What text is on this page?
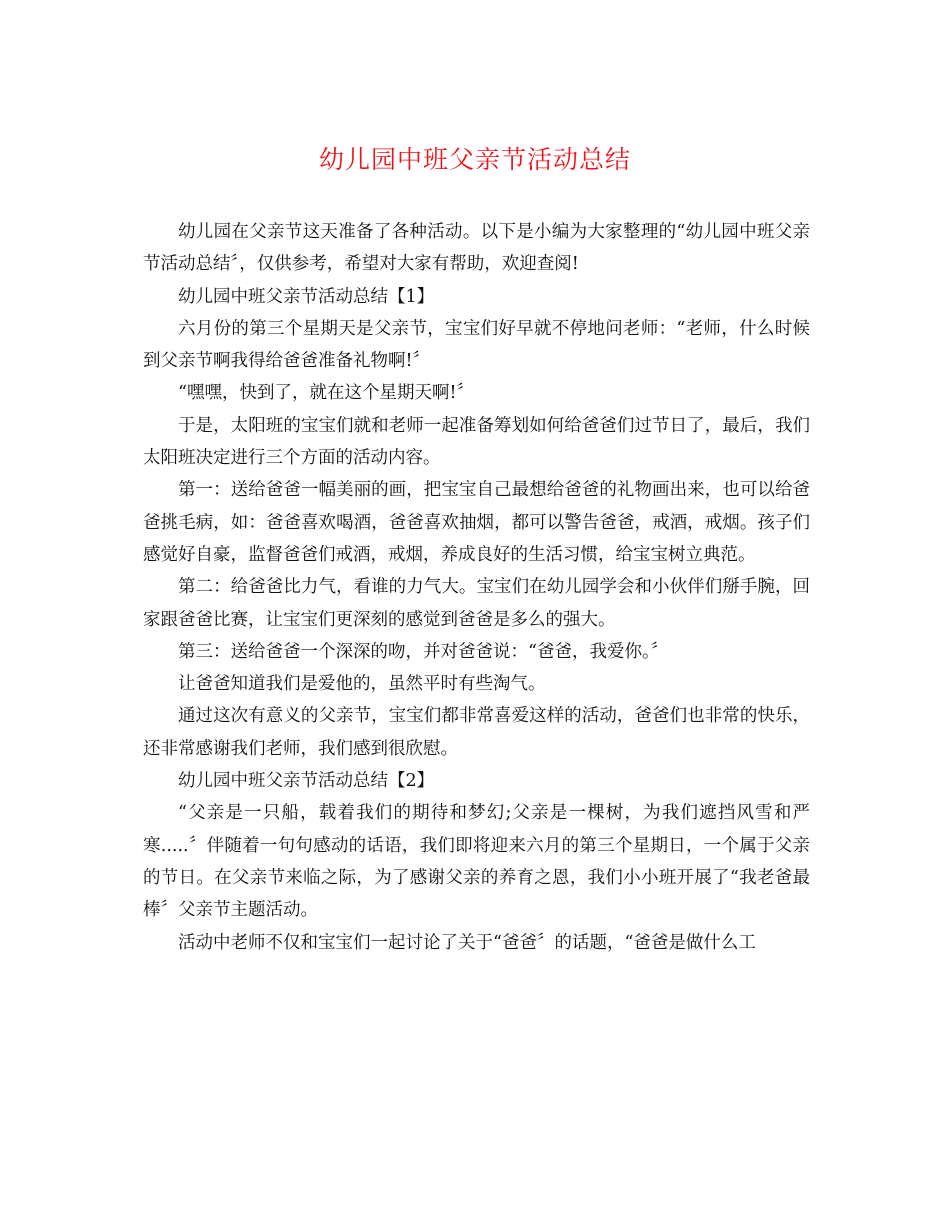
幼儿园中班父亲节活动总结

幼儿园在父亲节这天准备了各种活动。以下是小编为大家整理的“幼儿园中班父亲节活动总结〞，仅供参考，希望对大家有帮助，欢迎查阅!

幼儿园中班父亲节活动总结【1】

六月份的第三个星期天是父亲节，宝宝们好早就不停地问老师：“老师，什么时候到父亲节啊我得给爸爸准备礼物啊!〞

“嘿嘿，快到了，就在这个星期天啊!〞

于是，太阳班的宝宝们就和老师一起准备筹划如何给爸爸们过节日了，最后，我们太阳班决定进行三个方面的活动内容。

第一：送给爸爸一幅美丽的画，把宝宝自己最想给爸爸的礼物画出来，也可以给爸爸挑毛病，如：爸爸喜欢喝酒，爸爸喜欢抽烟，都可以警告爸爸，戒酒，戒烟。孩子们感觉好自豪，监督爸爸们戒酒，戒烟，养成良好的生活习惯，给宝宝树立典范。

第二：给爸爸比力气，看谁的力气大。宝宝们在幼儿园学会和小伙伴们掰手腕，回家跟爸爸比赛，让宝宝们更深刻的感觉到爸爸是多么的强大。

第三：送给爸爸一个深深的吻，并对爸爸说：“爸爸，我爱你。〞

让爸爸知道我们是爱他的，虽然平时有些淘气。

通过这次有意义的父亲节，宝宝们都非常喜爱这样的活动，爸爸们也非常的快乐，还非常感谢我们老师，我们感到很欣慰。

幼儿园中班父亲节活动总结【2】

“父亲是一只船，载着我们的期待和梦幻;父亲是一棵树，为我们遮挡风雪和严寒.....〞伴随着一句句感动的话语，我们即将迎来六月的第三个星期日，一个属于父亲的节日。在父亲节来临之际，为了感谢父亲的养育之恩，我们小小班开展了“我老爸最棒〞父亲节主题活动。

活动中老师不仅和宝宝们一起讨论了关于“爸爸〞的话题，“爸爸是做什么工
